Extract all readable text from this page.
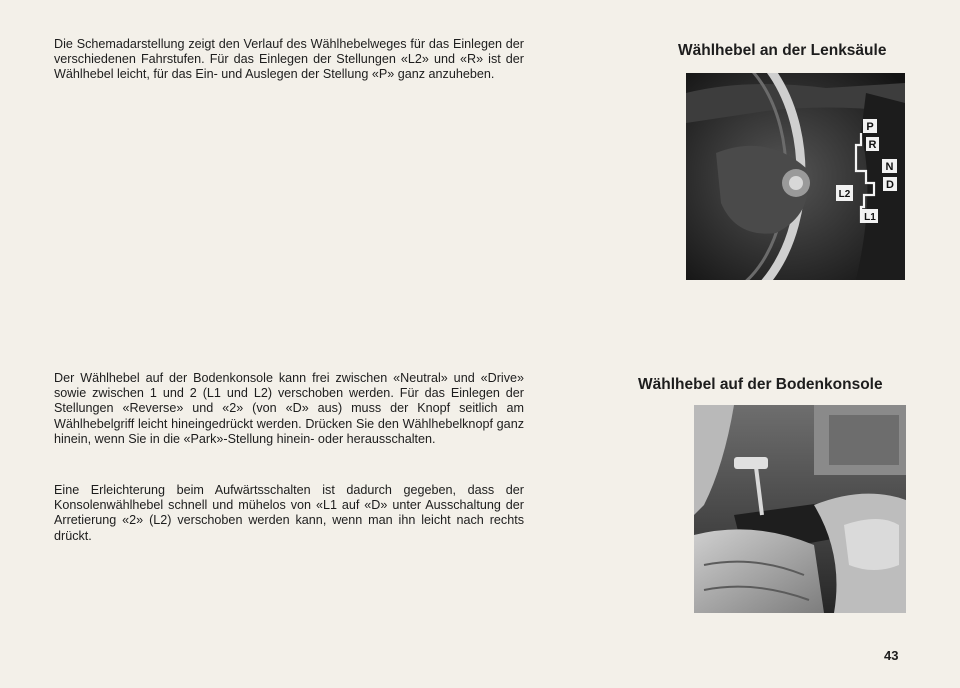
Die Schemadarstellung zeigt den Verlauf des Wählhebelweges für das Einlegen der verschiedenen Fahrstufen. Für das Einlegen der Stellungen «L2» und «R» ist der Wählhebel leicht, für das Ein- und Auslegen der Stellung «P» ganz anzuheben.

Der Wählhebel auf der Bodenkonsole kann frei zwischen «Neutral» und «Drive» sowie zwischen 1 und 2 (L1 und L2) verschoben werden. Für das Einlegen der Stellungen «Reverse» und «2» (von «D» aus) muss der Knopf seitlich am Wählhebelgriff leicht hineingedrückt werden. Drücken Sie den Wählhebelknopf ganz hinein, wenn Sie in die «Park»-Stellung hinein- oder herausschalten.

Eine Erleichterung beim Aufwärtsschalten ist dadurch gegeben, dass der Konsolenwählhebel schnell und mühelos von «L1 auf «D» unter Ausschaltung der Arretierung «2» (L2) verschoben werden kann, wenn man ihn leicht nach rechts drückt.

Wählhebel an der Lenksäule
P
R
N
D
L2
L1
Wählhebel auf der Bodenkonsole
43
